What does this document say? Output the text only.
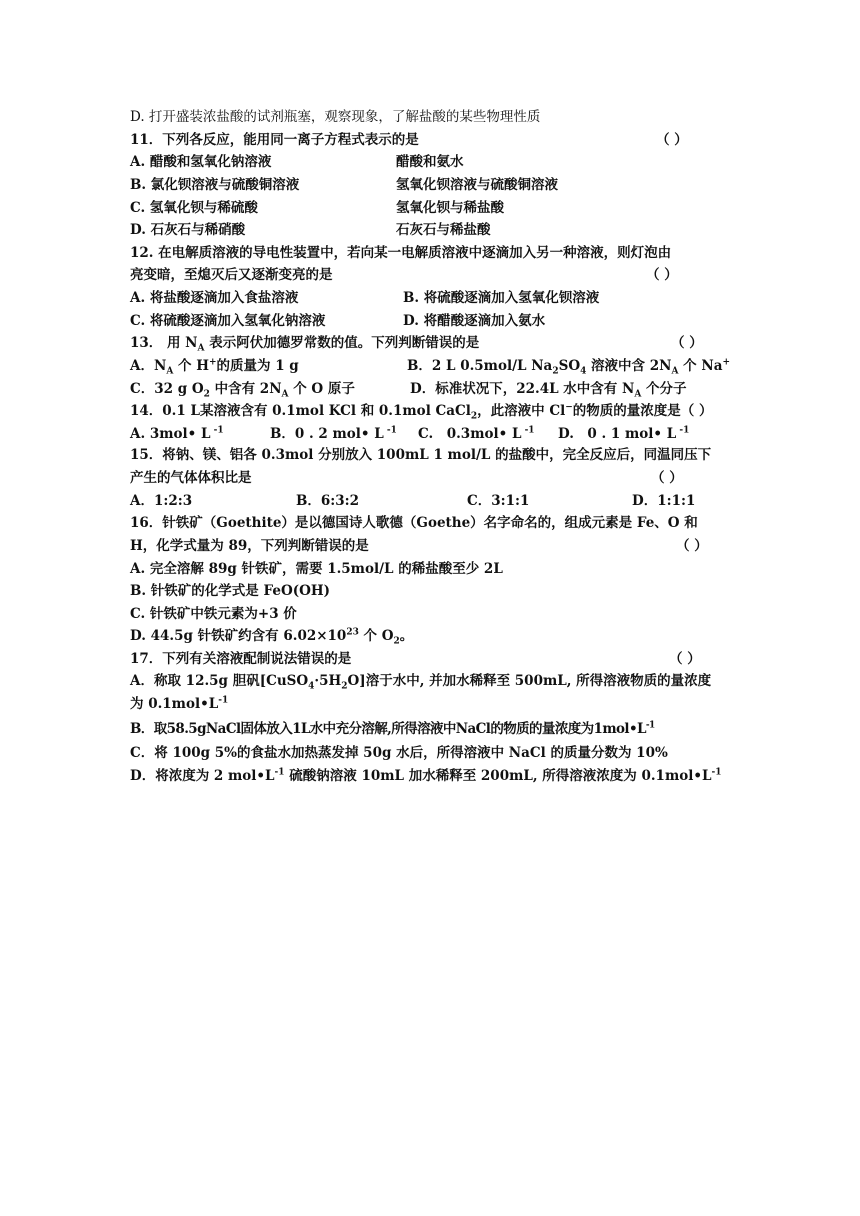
D. 打开盛装浓盐酸的试剂瓶塞，观察现象，了解盐酸的某些物理性质
11．下列各反应，能用同一离子方程式表示的是	（ ）
A. 醋酸和氢氧化钠溶液	醋酸和氨水
B. 氯化钡溶液与硫酸铜溶液	氢氧化钡溶液与硫酸铜溶液
C. 氢氧化钡与稀硫酸	氢氧化钡与稀盐酸
D. 石灰石与稀硝酸	石灰石与稀盐酸
12. 在电解质溶液的导电性装置中，若向某一电解质溶液中逐滴加入另一种溶液，则灯泡由
亮变暗，至熄灭后又逐渐变亮的是	（ ）
A. 将盐酸逐滴加入食盐溶液	B. 将硫酸逐滴加入氢氧化钡溶液
C. 将硫酸逐滴加入氢氧化钠溶液	D. 将醋酸逐滴加入氨水
13． 用 $N_A$ 表示阿伏加德罗常数的值。下列判断错误的是	（ ）
A．$N_A$ 个 H+的质量为 1 g	B．2 L 0.5mol/L $Na_2SO_4$ 溶液中含 $2N_A$ 个 Na+
C．32 g $O_2$ 中含有 $2N_A$ 个 O 原子	D．标准状况下，22.4L 水中含有 $N_A$ 个分子
14．0.1 L某溶液含有 0.1mol KCl 和 0.1mol CaCl$_2$，此溶液中 Cl−的物质的量浓度是（ ）
A. 3mol• L $^{-1}$	B．0 . 2 mol• L $^{-1}$ C.　0.3mol• L $^{-1}$ D.　0 . 1 mol• L $^{-1}$
15．将钠、镁、铝各 0.3mol 分别放入 100mL 1 mol/L 的盐酸中，完全反应后，同温同压下
产生的气体体积比是	（ ）
A．1:2:3	B．6:3:2	C．3:1:1	D．1:1:1
16．针铁矿（Goethite）是以德国诗人歌德（Goethe）名字命名的，组成元素是 Fe、O 和
H，化学式量为 89，下列判断错误的是	（ ）
A. 完全溶解 89g 针铁矿，需要 1.5mol/L 的稀盐酸至少 2L
B. 针铁矿的化学式是 FeO(OH)
C. 针铁矿中铁元素为+3 价
D. 44.5g 针铁矿约含有 $6.02\times 10^{23}$ 个 $O_2$。
17．下列有关溶液配制说法错误的是	（ ）
A．称取 12.5g 胆矾$[CuSO_4\cdot 5H_2O]$溶于水中, 并加水稀释至 500mL, 所得溶液物质的量浓度
为 $0.1mol•L^{-1}$
B．取58.5gNaCl固体放入1L水中充分溶解,所得溶液中NaCl的物质的量浓度为$1mol•L^{-1}$
C．将 100g 5%的食盐水加热蒸发掉 50g 水后，所得溶液中 NaCl 的质量分数为 10%
D．将浓度为 2 $mol•L^{-1}$ 硫酸钠溶液 10mL 加水稀释至 200mL, 所得溶液浓度为 $0.1mol•L^{-1}$
